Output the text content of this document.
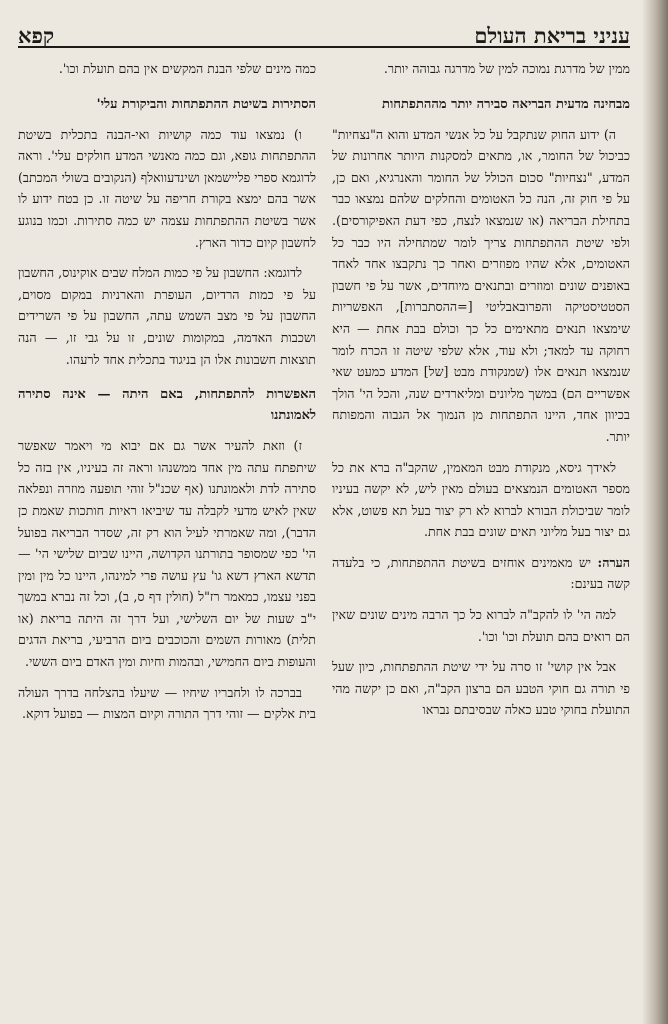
עניני בריאת העולם
קפא

ממין של מדרגת נמוכה למין של מדרגה גבוהה יותר.

מבחינה מדעית הבריאה סבירה יותר מההתפתחות

ה) ידוע החוק שנתקבל על כל אנשי המדע והוא ה"נצחיות" כביכול של החומר, או, מתאים למסקנות היותר אחרונות של המדע, "נצחיות" סכום הכולל של החומר והאנרגיא, ואם כן, על פי חוק זה, הנה כל האטומים והחלקים שלהם נמצאו כבר בתחילת הבריאה (או שנמצאו לנצח, כפי דעת האפיקורסים). ולפי שיטת ההתפתחות צריך לומר שמתחילה היו כבר כל האטומים, אלא שהיו מפוזרים ואחר כך נתקבצו אחד לאחד באופנים שונים ומוזרים ובתנאים מיוחדים, אשר על פי חשבון הסטטיסטיקה והפרובאבליטי [=ההסתברות], האפשריות שימצאו תנאים מתאימים כל כך וכולם בבת אחת — היא רחוקה עד למאד; ולא עוד, אלא שלפי שיטה זו הכרח לומר שנמצאו תנאים אלו (שמנקודת מבט [של] המדע כמעט שאי אפשריים הם) במשך מליונים ומליארדים שנה, והכל הי' הולך בכיוון אחד, היינו התפתחות מן הנמוך אל הגבוה והמפותח יותר.

לאידך גיסא, מנקודת מבט המאמין, שהקב"ה ברא את כל מספר האטומים הנמצאים בעולם מאין ליש, לא יקשה בעיניו לומר שביכולת הבורא לברוא לא רק יצור בעל תא פשוט, אלא גם יצור בעל מליוני תאים שונים בבת אחת.

הערה: יש מאמינים אוחזים בשיטת ההתפתחות, כי בלעדה קשה בעינם:

למה הי' לו להקב"ה לברוא כל כך הרבה מינים שונים שאין הם רואים בהם תועלת וכו' וכו'.

אבל אין קושי' זו סרה על ידי שיטת ההתפתחות, כיון שעל פי תורה גם חוקי הטבע הם ברצון הקב"ה, ואם כן יקשה מהי התועלת בחוקי טבע כאלה שבסיבתם נבראו

כמה מינים שלפי הבנת המקשים אין בהם תועלת וכו'.

הסתירות בשיטת ההתפתחות והביקורת עלי'

ו) נמצאו עוד כמה קושיות ואי-הבנה בתכלית בשיטת ההתפתחות גופא, וגם כמה מאנשי המדע חולקים עלי'. וראה לדוגמא ספרי פליישמאן ושינדעוואלף (הנקובים בשולי המכתב) אשר בהם ימצא בקורת חריפה על שיטה זו. כן בטח ידוע לו אשר בשיטת ההתפתחות עצמה יש כמה סתירות. וכמו בנוגע לחשבון קיום כדור הארץ.

לדוגמא: החשבון על פי כמות המלח שבים אוקינוס, החשבון על פי כמות הרדיום, העופרת והארניות במקום מסוים, החשבון על פי מצב השמש עתה, החשבון על פי השרידים ושכבות האדמה, במקומות שונים, זו על גבי זו, — הנה תוצאות חשבונות אלו הן בניגוד בתכלית אחד לרעהו.

האפשרות להתפתחות, באם היתה — אינה סתירה לאמונתנו

ז) וזאת להעיר אשר גם אם יבוא מי ויאמר שאפשר שיתפתח עתה מין אחד ממשנהו וראה זה בעיניו, אין בזה כל סתירה לדת ולאמונתנו (אף שכנ"ל זוהי תופעה מוזרה ונפלאה שאין לאיש מדעי לקבלה עד שיביאו ראיות חותכות שאמת כן הדבר), ומה שאמרתי לעיל הוא רק זה, שסדר הבריאה בפועל הי' כפי שמסופר בתורתנו הקדושה, היינו שביום שלישי הי' — תדשא הארץ דשא גו' עץ עושה פרי למינהו, היינו כל מין ומין בפני עצמו, כמאמר רז"ל (חולין דף ס, ב), וכל זה נברא במשך י"ב שעות של יום השלישי, ועל דרך זה היתה בריאת (או תלית) מאורות השמים והכוכבים ביום הרביעי, בריאת הדגים והעופות ביום החמישי, ובהמות וחיות ומין האדם ביום הששי.

בברכה לו ולחבריו שיחיו — שיעלו בהצלחה בדרך העולה בית אלקים — זוהי דרך התורה וקיום המצות — בפועל דוקא.
